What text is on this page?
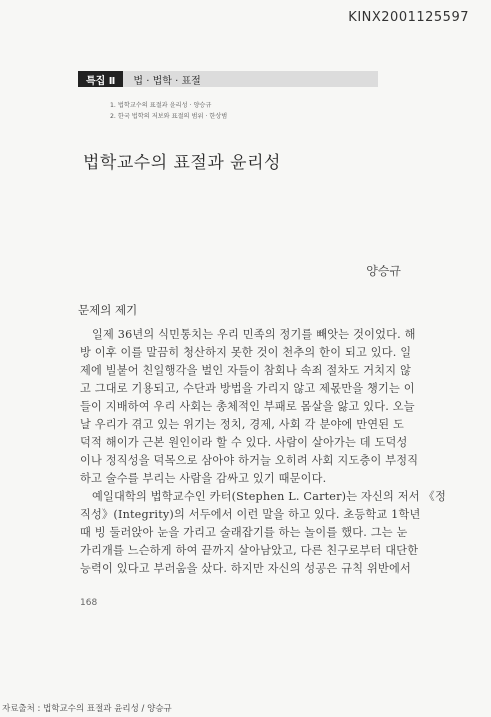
KINX2001125597
특집 Ⅱ	법 · 법학 · 표절
1. 법학교수의 표절과 윤리성 · 양승규
2. 한국 법학의 저보와 표절의 범위 · 한상범
법학교수의 표절과 윤리성
양승규
문제의 제기
일제 36년의 식민통치는 우리 민족의 정기를 빼앗는 것이었다. 해
방 이후 이를 말끔히 청산하지 못한 것이 천추의 한이 되고 있다. 일
제에 빌붙어 친일행각을 벌인 자들이 참회나 속죄 절차도 거치지 않
고 그대로 기용되고, 수단과 방법을 가리지 않고 제몫만을 챙기는 이
들이 지배하여 우리 사회는 총체적인 부패로 몸살을 앓고 있다. 오늘
날 우리가 겪고 있는 위기는 정치, 경제, 사회 각 분야에 만연된 도
덕적 해이가 근본 원인이라 할 수 있다. 사람이 살아가는 데 도덕성
이나 정직성을 덕목으로 삼아야 하거늘 오히려 사회 지도층이 부정직
하고 술수를 부리는 사람을 감싸고 있기 때문이다.
예일대학의 법학교수인 카터(Stephen L. Carter)는 자신의 저서 《정
직성》(Integrity)의 서두에서 이런 말을 하고 있다. 초등학교 1학년
때 빙 둘러앉아 눈을 가리고 술래잡기를 하는 놀이를 했다. 그는 눈
가리개를 느슨하게 하여 끝까지 살아남았고, 다른 친구로부터 대단한
능력이 있다고 부러움을 샀다. 하지만 자신의 성공은 규칙 위반에서
168
자료출처 : 법학교수의 표절과 윤리성 / 양승규
